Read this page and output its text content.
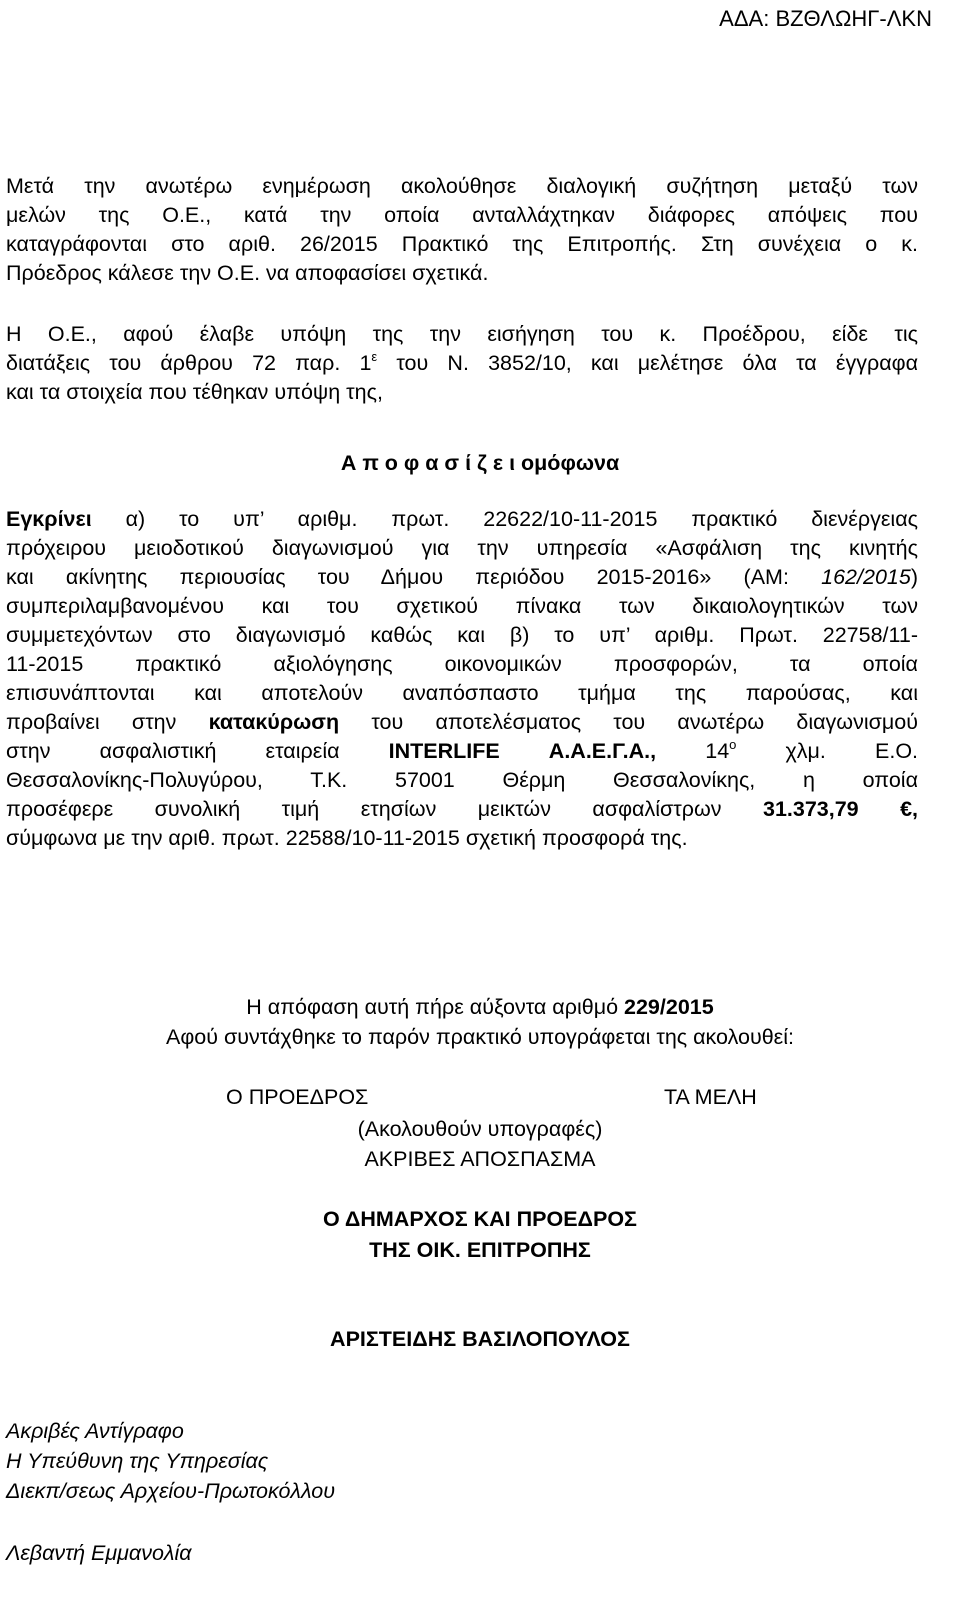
ΑΔΑ: ΒΖΘΛΩΗΓ-ΛΚΝ
Μετά την ανωτέρω ενημέρωση ακολούθησε διαλογική συζήτηση μεταξύ των
μελών της Ο.Ε., κατά την οποία ανταλλάχτηκαν διάφορες απόψεις που
καταγράφονται στο αριθ. 26/2015 Πρακτικό της Επιτροπής. Στη συνέχεια ο κ.
Πρόεδρος κάλεσε την Ο.Ε. να αποφασίσει σχετικά.
Η Ο.Ε., αφού έλαβε υπόψη της την εισήγηση του κ. Προέδρου, είδε τις
διατάξεις του άρθρου 72 παρ. $1^\varepsilon$ του Ν. 3852/10, και μελέτησε όλα τα έγγραφα
και τα στοιχεία που τέθηκαν υπόψη της,
Α π ο φ α σ ί ζ ε ι ομόφωνα
Εγκρίνει α) το υπ’ αριθμ. πρωτ. 22622/10-11-2015 πρακτικό διενέργειας
πρόχειρου μειοδοτικού διαγωνισμού για την υπηρεσία «Ασφάλιση της κινητής
και ακίνητης περιουσίας του Δήμου περιόδου 2015-2016» (ΑΜ: 162/2015)
συμπεριλαμβανομένου και του σχετικού πίνακα των δικαιολογητικών των
συμμετεχόντων στο διαγωνισμό καθώς και β) το υπ’ αριθμ. Πρωτ. 22758/11-
11-2015 πρακτικό αξιολόγησης οικονομικών προσφορών, τα οποία
επισυνάπτονται και αποτελούν αναπόσπαστο τμήμα της παρούσας, και
προβαίνει στην κατακύρωση του αποτελέσματος του ανωτέρω διαγωνισμού
στην ασφαλιστική εταιρεία INTERLIFE Α.Α.Ε.Γ.Α., $14^o$ χλμ. Ε.Ο.
Θεσσαλονίκης-Πολυγύρου, Τ.Κ. 57001 Θέρμη Θεσσαλονίκης, η οποία
προσέφερε συνολική τιμή ετησίων μεικτών ασφαλίστρων 31.373,79 €,
σύμφωνα με την αριθ. πρωτ. 22588/10-11-2015 σχετική προσφορά της.
Η απόφαση αυτή πήρε αύξοντα αριθμό 229/2015
Αφού συντάχθηκε το παρόν πρακτικό υπογράφεται της ακολουθεί:
Ο ΠΡΟΕΔΡΟΣ	ΤΑ ΜΕΛΗ
(Ακολουθούν υπογραφές)
ΑΚΡΙΒΕΣ ΑΠΟΣΠΑΣΜΑ
Ο ΔΗΜΑΡΧΟΣ ΚΑΙ ΠΡΟΕΔΡΟΣ
ΤΗΣ ΟΙΚ. ΕΠΙΤΡΟΠΗΣ
ΑΡΙΣΤΕΙΔΗΣ ΒΑΣΙΛΟΠΟΥΛΟΣ
Ακριβές Αντίγραφο
Η Υπεύθυνη της Υπηρεσίας
Διεκπ/σεως Αρχείου-Πρωτοκόλλου
Λεβαντή Εμμανολία
